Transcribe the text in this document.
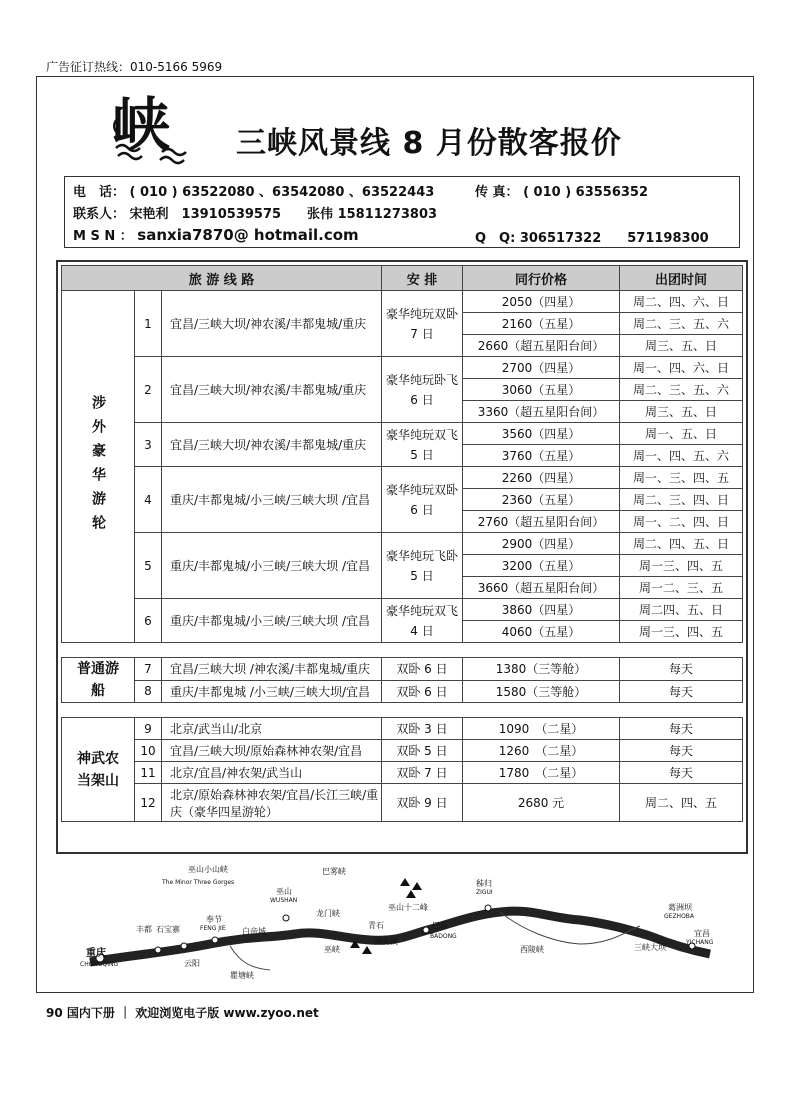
广告征订热线：010-5166 5969
峡 三峡风景线 8 月份散客报价
电　话： ( 010 ) 63522080 、63542080 、63522443	传 真： ( 010 ) 63556352
联系人： 宋艳利　13910539575　　张伟 15811273803
M S N ： sanxia7870@ hotmail.com	Q　Q: 306517322　　571198300
旅 游 线 路			安 排	同行价格	出团时间
涉外豪华游轮	1	宜昌/三峡大坝/神农溪/丰都鬼城/重庆	豪华纯玩双卧 7 日	2050（四星）	周二、四、六、日
				2160（五星）	周二、三、五、六
				2660（超五星阳台间）	周三、五、日
	2	宜昌/三峡大坝/神农溪/丰都鬼城/重庆	豪华纯玩卧飞 6 日	2700（四星）	周一、四、六、日
				3060（五星）	周二、三、五、六
				3360（超五星阳台间）	周三、五、日
	3	宜昌/三峡大坝/神农溪/丰都鬼城/重庆	豪华纯玩双飞 5 日	3560（四星）	周一、五、日
				3760（五星）	周一、四、五、六
	4	重庆/丰都鬼城/小三峡/三峡大坝 /宜昌	豪华纯玩双卧 6 日	2260（四星）	周一、三、四、五
				2360（五星）	周二、三、四、日
				2760（超五星阳台间）	周一、二、四、日
	5	重庆/丰都鬼城/小三峡/三峡大坝 /宜昌	豪华纯玩飞卧 5 日	2900（四星）	周二、四、五、日
				3200（五星）	周一三、四、五
				3660（超五星阳台间）	周一二、三、五
	6	重庆/丰都鬼城/小三峡/三峡大坝 /宜昌	豪华纯玩双飞 4 日	3860（四星）	周二四、五、日
				4060（五星）	周一三、四、五

普通游船	7	宜昌/三峡大坝 /神农溪/丰都鬼城/重庆	双卧 6 日	1380（三等舱）	每天
	8	重庆/丰都鬼城 /小三峡/三峡大坝/宜昌	双卧 6 日	1580（三等舱）	每天

神武农当架山	9	北京/武当山/北京	双卧 3 日	1090　（二星）	每天
	10	宜昌/三峡大坝/原始森林神农架/宜昌	双卧 5 日	1260　（二星）	每天
	11	北京/宜昌/神农架/武当山	双卧 7 日	1780　（二星）	每天
	12	北京/原始森林神农架/宜昌/长江三峡/重庆（豪华四星游轮）	双卧 9 日	2680 元	周二、四、五
巫山小山峡
The Minor Three Gorges
巴雾峡
巫山
WUSHAN
龙门峡
奉节
FENG JIE
丰都 石宝寨	白帝城
重庆
CHONGQING	云阳
瞿塘峡
巫峡
巫山十二峰
青石
神女溪
巴东
BADONG
秭归
ZIGUI
西陵峡
葛洲坝
GEZHOBA
宜昌
YICHANG
三峡大坝
90 国内下册 ｜ 欢迎浏览电子版 www.zyoo.net
